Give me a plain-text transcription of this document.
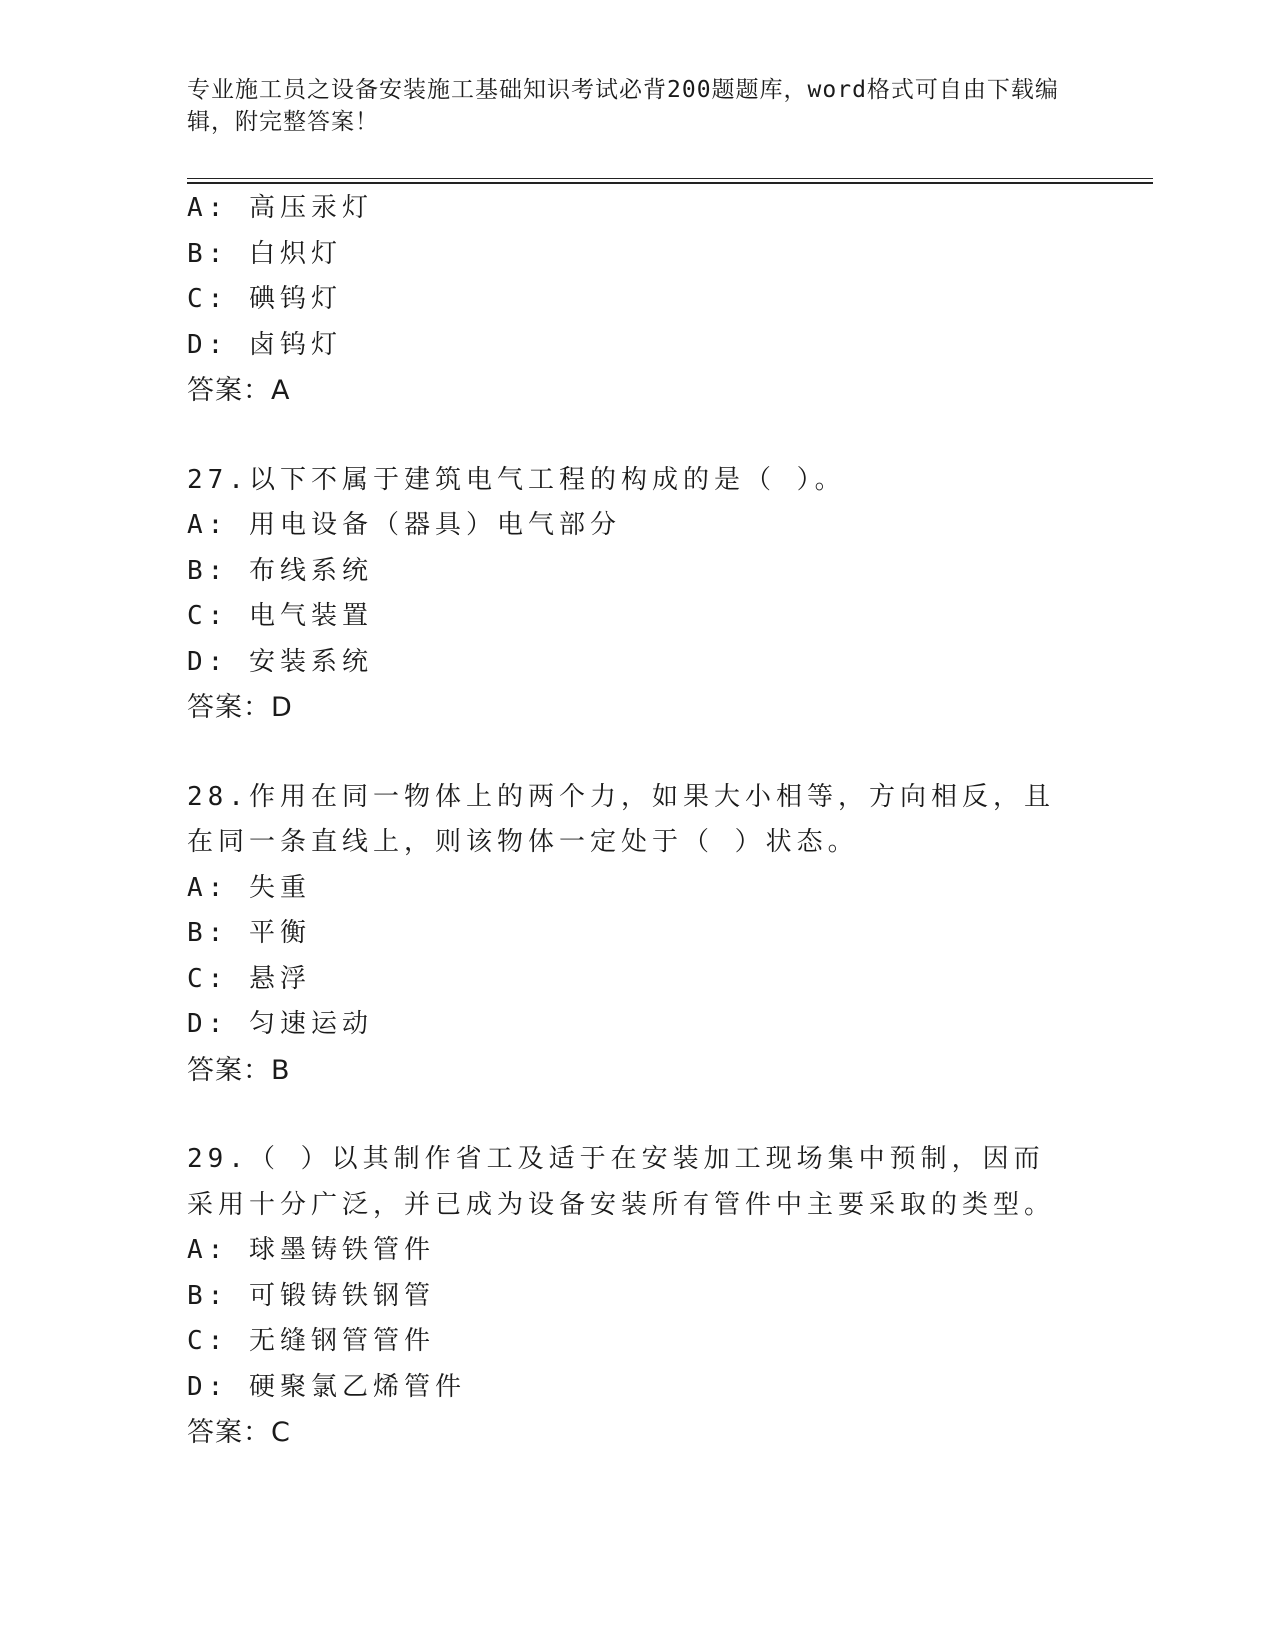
专业施工员之设备安装施工基础知识考试必背200题题库，word格式可自由下载编辑，附完整答案！
A: 高压汞灯
B: 白炽灯
C: 碘钨灯
D: 卤钨灯
答案：A
27.以下不属于建筑电气工程的构成的是（ ）。
A: 用电设备（器具）电气部分
B: 布线系统
C: 电气装置
D: 安装系统
答案：D
28.作用在同一物体上的两个力，如果大小相等，方向相反，且在同一条直线上，则该物体一定处于（ ）状态。
A: 失重
B: 平衡
C: 悬浮
D: 匀速运动
答案：B
29.（ ）以其制作省工及适于在安装加工现场集中预制，因而采用十分广泛，并已成为设备安装所有管件中主要采取的类型。
A: 球墨铸铁管件
B: 可锻铸铁钢管
C: 无缝钢管管件
D: 硬聚氯乙烯管件
答案：C
